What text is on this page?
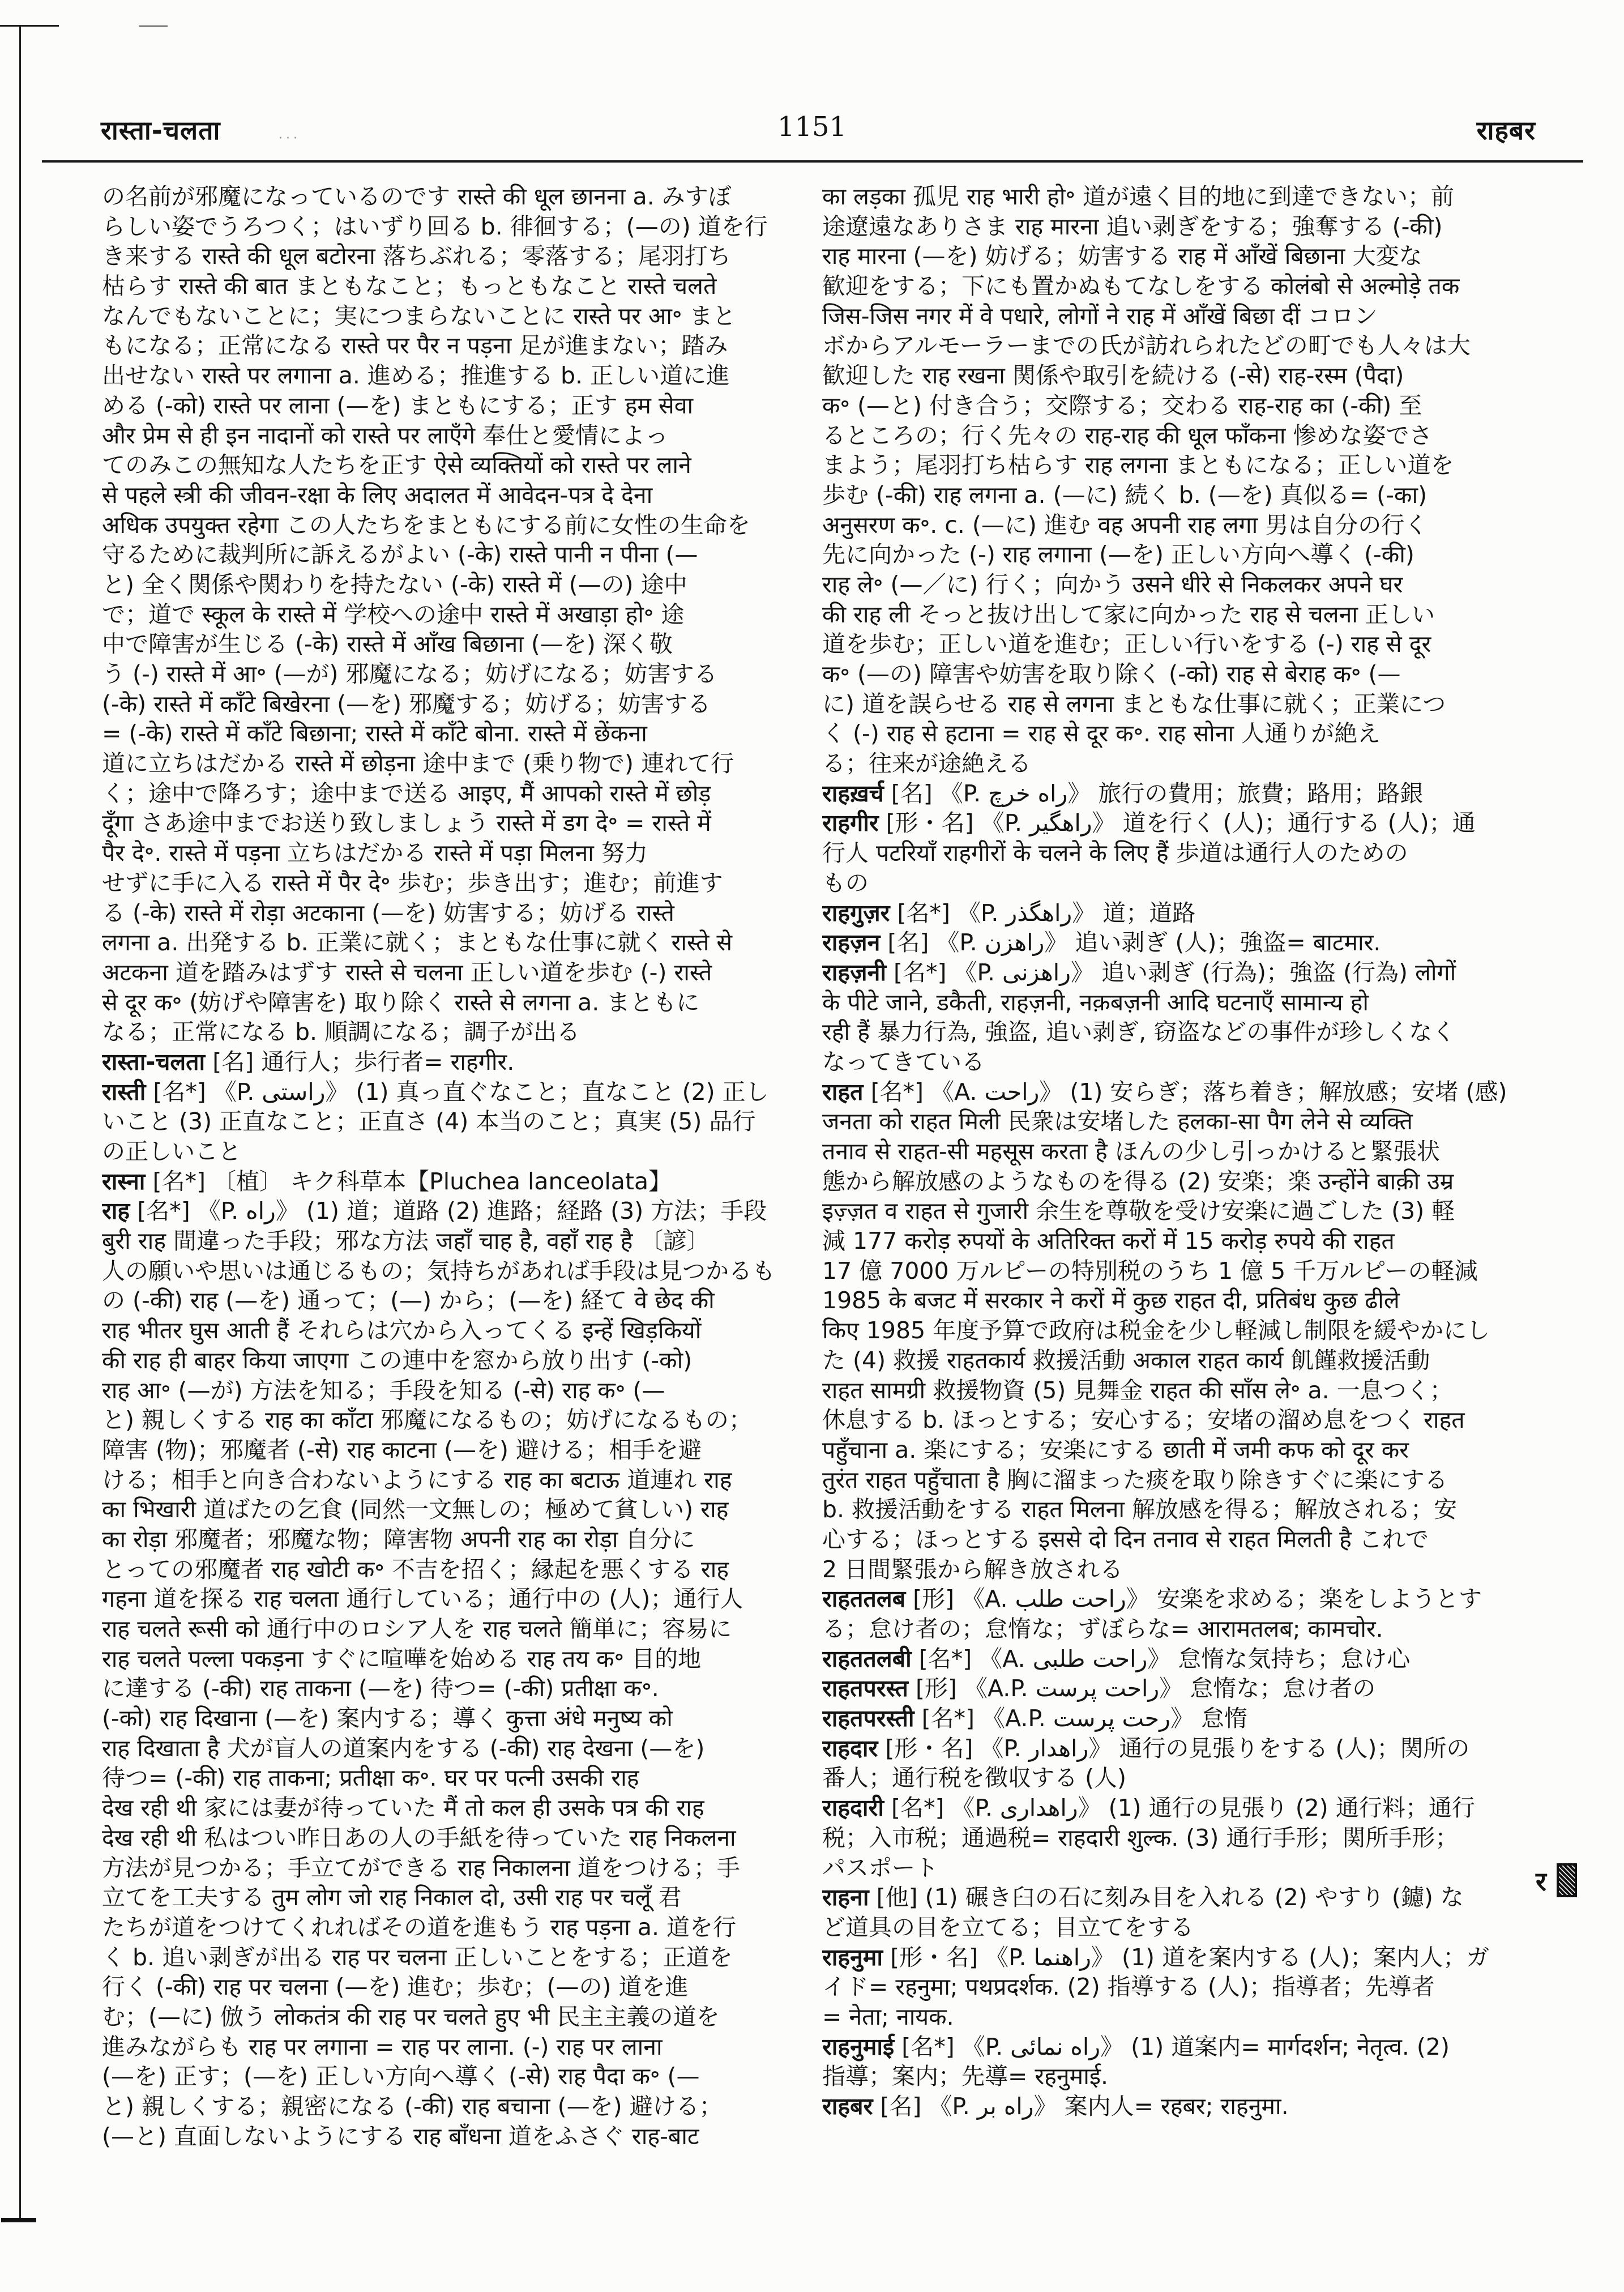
रास्ता-चलता	1151	राहबर
···
の名前が邪魔になっているのです रास्ते की धूल छानना a. みすぼ
らしい姿でうろつく；はいずり回る b. 徘徊する；(—の) 道を行
き来する रास्ते की धूल बटोरना 落ちぶれる；零落する；尾羽打ち
枯らす रास्ते की बात まともなこと；もっともなこと रास्ते चलते
なんでもないことに；実につまらないことに रास्ते पर आ॰ まと
もになる；正常になる रास्ते पर पैर न पड़ना 足が進まない；踏み
出せない रास्ते पर लगाना a. 進める；推進する b. 正しい道に進
める (-को) रास्ते पर लाना (—を) まともにする；正す हम सेवा
और प्रेम से ही इन नादानों को रास्ते पर लाएँगे 奉仕と愛情によっ
てのみこの無知な人たちを正す ऐसे व्यक्तियों को रास्ते पर लाने
से पहले स्त्री की जीवन-रक्षा के लिए अदालत में आवेदन-पत्र दे देना
अधिक उपयुक्त रहेगा この人たちをまともにする前に女性の生命を
守るために裁判所に訴えるがよい (-के) रास्ते पानी न पीना (—
と) 全く関係や関わりを持たない (-के) रास्ते में (—の) 途中
で；道で स्कूल के रास्ते में 学校への途中 रास्ते में अखाड़ा हो॰ 途
中で障害が生じる (-के) रास्ते में आँख बिछाना (—を) 深く敬
う (-) रास्ते में आ॰ (—が) 邪魔になる；妨げになる；妨害する
(-के) रास्ते में काँटे बिखेरना (—を) 邪魔する；妨げる；妨害する
= (-के) रास्ते में काँटे बिछाना; रास्ते में काँटे बोना. रास्ते में छेंकना
道に立ちはだかる रास्ते में छोड़ना 途中まで (乗り物で) 連れて行
く；途中で降ろす；途中まで送る आइए, मैं आपको रास्ते में छोड़
दूँगा さあ途中までお送り致しましょう रास्ते में डग दे॰ = रास्ते में
पैर दे॰. रास्ते में पड़ना 立ちはだかる रास्ते में पड़ा मिलना 努力
せずに手に入る रास्ते में पैर दे॰ 歩む；歩き出す；進む；前進す
る (-के) रास्ते में रोड़ा अटकाना (—を) 妨害する；妨げる रास्ते
लगना a. 出発する b. 正業に就く；まともな仕事に就く रास्ते से
अटकना 道を踏みはずす रास्ते से चलना 正しい道を歩む (-) रास्ते
से दूर क॰ (妨げや障害を) 取り除く रास्ते से लगना a. まともに
なる；正常になる b. 順調になる；調子が出る
रास्ता-चलता [名] 通行人；歩行者= राहगीर.
रास्ती [名*] 《P. راستی》 (1) 真っ直ぐなこと；直なこと (2) 正し
いこと (3) 正直なこと；正直さ (4) 本当のこと；真実 (5) 品行
の正しいこと
रास्ना [名*] 〔植〕 キク科草本【Pluchea lanceolata】
राह [名*] 《P. راه》 (1) 道；道路 (2) 進路；経路 (3) 方法；手段
बुरी राह 間違った手段；邪な方法 जहाँ चाह है, वहाँ राह है 〔諺〕
人の願いや思いは通じるもの；気持ちがあれば手段は見つかるも
の (-की) राह (—を) 通って；(—) から；(—を) 経て वे छेद की
राह भीतर घुस आती हैं それらは穴から入ってくる इन्हें खिड़कियों
की राह ही बाहर किया जाएगा この連中を窓から放り出す (-को)
राह आ॰ (—が) 方法を知る；手段を知る (-से) राह क॰ (—
と) 親しくする राह का काँटा 邪魔になるもの；妨げになるもの；
障害 (物)；邪魔者 (-से) राह काटना (—を) 避ける；相手を避
ける；相手と向き合わないようにする राह का बटाऊ 道連れ राह
का भिखारी 道ばたの乞食 (同然一文無しの；極めて貧しい) राह
का रोड़ा 邪魔者；邪魔な物；障害物 अपनी राह का रोड़ा 自分に
とっての邪魔者 राह खोटी क॰ 不吉を招く；縁起を悪くする राह
गहना 道を探る राह चलता 通行している；通行中の (人)；通行人
राह चलते रूसी को 通行中のロシア人を राह चलते 簡単に；容易に
राह चलते पल्ला पकड़ना すぐに喧嘩を始める राह तय क॰ 目的地
に達する (-की) राह ताकना (—を) 待つ= (-की) प्रतीक्षा क॰.
(-को) राह दिखाना (—を) 案内する；導く कुत्ता अंधे मनुष्य को
राह दिखाता है 犬が盲人の道案内をする (-की) राह देखना (—を)
待つ= (-की) राह ताकना; प्रतीक्षा क॰. घर पर पत्नी उसकी राह
देख रही थी 家には妻が待っていた मैं तो कल ही उसके पत्र की राह
देख रही थी 私はつい昨日あの人の手紙を待っていた राह निकलना
方法が見つかる；手立てができる राह निकालना 道をつける；手
立てを工夫する तुम लोग जो राह निकाल दो, उसी राह पर चलूँ 君
たちが道をつけてくれればその道を進もう राह पड़ना a. 道を行
く b. 追い剥ぎが出る राह पर चलना 正しいことをする；正道を
行く (-की) राह पर चलना (—を) 進む；歩む；(—の) 道を進
む；(—に) 倣う लोकतंत्र की राह पर चलते हुए भी 民主主義の道を
進みながらも राह पर लगाना = राह पर लाना. (-) राह पर लाना
(—を) 正す；(—を) 正しい方向へ導く (-से) राह पैदा क॰ (—
と) 親しくする；親密になる (-की) राह बचाना (—を) 避ける；
(—と) 直面しないようにする राह बाँधना 道をふさぐ राह-बाट
का लड़का 孤児 राह भारी हो॰ 道が遠く目的地に到達できない；前
途遼遠なありさま राह मारना 追い剥ぎをする；強奪する (-की)
राह मारना (—を) 妨げる；妨害する राह में आँखें बिछाना 大変な
歓迎をする；下にも置かぬもてなしをする कोलंबो से अल्मोड़े तक
जिस-जिस नगर में वे पधारे, लोगों ने राह में आँखें बिछा दीं コロン
ボからアルモーラーまでの氏が訪れられたどの町でも人々は大
歓迎した राह रखना 関係や取引を続ける (-से) राह-रस्म (पैदा)
क॰ (—と) 付き合う；交際する；交わる राह-राह का (-की) 至
るところの；行く先々の राह-राह की धूल फाँकना 惨めな姿でさ
まよう；尾羽打ち枯らす राह लगना まともになる；正しい道を
歩む (-की) राह लगना a. (—に) 続く b. (—を) 真似る= (-का)
अनुसरण क॰. c. (—に) 進む वह अपनी राह लगा 男は自分の行く
先に向かった (-) राह लगाना (—を) 正しい方向へ導く (-की)
राह ले॰ (—／に) 行く；向かう उसने धीरे से निकलकर अपने घर
की राह ली そっと抜け出して家に向かった राह से चलना 正しい
道を歩む；正しい道を進む；正しい行いをする (-) राह से दूर
क॰ (—の) 障害や妨害を取り除く (-को) राह से बेराह क॰ (—
に) 道を誤らせる राह से लगना まともな仕事に就く；正業につ
く (-) राह से हटाना = राह से दूर क॰. राह सोना 人通りが絶え
る；往来が途絶える
राहख़र्च [名] 《P. راه خرچ》 旅行の費用；旅費；路用；路銀
राहगीर [形・名] 《P. راهگیر》 道を行く (人)；通行する (人)；通
行人 पटरियाँ राहगीरों के चलने के लिए हैं 歩道は通行人のための
もの
राहगुज़र [名*] 《P. راهگذر》 道；道路
राहज़न [名] 《P. راهزن》 追い剥ぎ (人)；強盗= बाटमार.
राहज़नी [名*] 《P. راهزنی》 追い剥ぎ (行為)；強盗 (行為) लोगों
के पीटे जाने, डकैती, राहज़नी, नक़बज़नी आदि घटनाएँ सामान्य हो
रही हैं 暴力行為, 強盗, 追い剥ぎ, 窃盗などの事件が珍しくなく
なってきている
राहत [名*] 《A. راحت》 (1) 安らぎ；落ち着き；解放感；安堵 (感)
जनता को राहत मिली 民衆は安堵した हलका-सा पैग लेने से व्यक्ति
तनाव से राहत-सी महसूस करता है ほんの少し引っかけると緊張状
態から解放感のようなものを得る (2) 安楽；楽 उन्होंने बाक़ी उम्र
इज़्ज़त व राहत से गुजारी 余生を尊敬を受け安楽に過ごした (3) 軽
減 177 करोड़ रुपयों के अतिरिक्त करों में 15 करोड़ रुपये की राहत
17 億 7000 万ルピーの特別税のうち 1 億 5 千万ルピーの軽減
1985 के बजट में सरकार ने करों में कुछ राहत दी, प्रतिबंध कुछ ढीले
किए 1985 年度予算で政府は税金を少し軽減し制限を緩やかにし
た (4) 救援 राहतकार्य 救援活動 अकाल राहत कार्य 飢饉救援活動
राहत सामग्री 救援物資 (5) 見舞金 राहत की साँस ले॰ a. 一息つく；
休息する b. ほっとする；安心する；安堵の溜め息をつく राहत
पहुँचाना a. 楽にする；安楽にする छाती में जमी कफ को दूर कर
तुरंत राहत पहुँचाता है 胸に溜まった痰を取り除きすぐに楽にする
b. 救援活動をする राहत मिलना 解放感を得る；解放される；安
心する；ほっとする इससे दो दिन तनाव से राहत मिलती है これで
2 日間緊張から解き放される
राहततलब [形] 《A. راحت طلب》 安楽を求める；楽をしようとす
る；怠け者の；怠惰な；ずぼらな= आरामतलब; कामचोर.
राहततलबी [名*] 《A. راحت طلبی》 怠惰な気持ち；怠け心
राहतपरस्त [形] 《A.P. راحت پرست》 怠惰な；怠け者の
राहतपरस्ती [名*] 《A.P. رحت پرست》 怠惰
राहदार [形・名] 《P. راهدار》 通行の見張りをする (人)；関所の
番人；通行税を徴収する (人)
राहदारी [名*] 《P. راهداری》 (1) 通行の見張り (2) 通行料；通行
税；入市税；通過税= राहदारी शुल्क. (3) 通行手形；関所手形；
パスポート
राहना [他] (1) 碾き臼の石に刻み目を入れる (2) やすり (鑢) な
ど道具の目を立てる；目立てをする
राहनुमा [形・名] 《P. راهنما》 (1) 道を案内する (人)；案内人；ガ
イド= रहनुमा; पथप्रदर्शक. (2) 指導する (人)；指導者；先導者
= नेता; नायक.
राहनुमाई [名*] 《P. راه نمائی》 (1) 道案内= मार्गदर्शन; नेतृत्व. (2)
指導；案内；先導= रहनुमाई.
राहबर [名] 《P. راه بر》 案内人= रहबर; राहनुमा.
र
